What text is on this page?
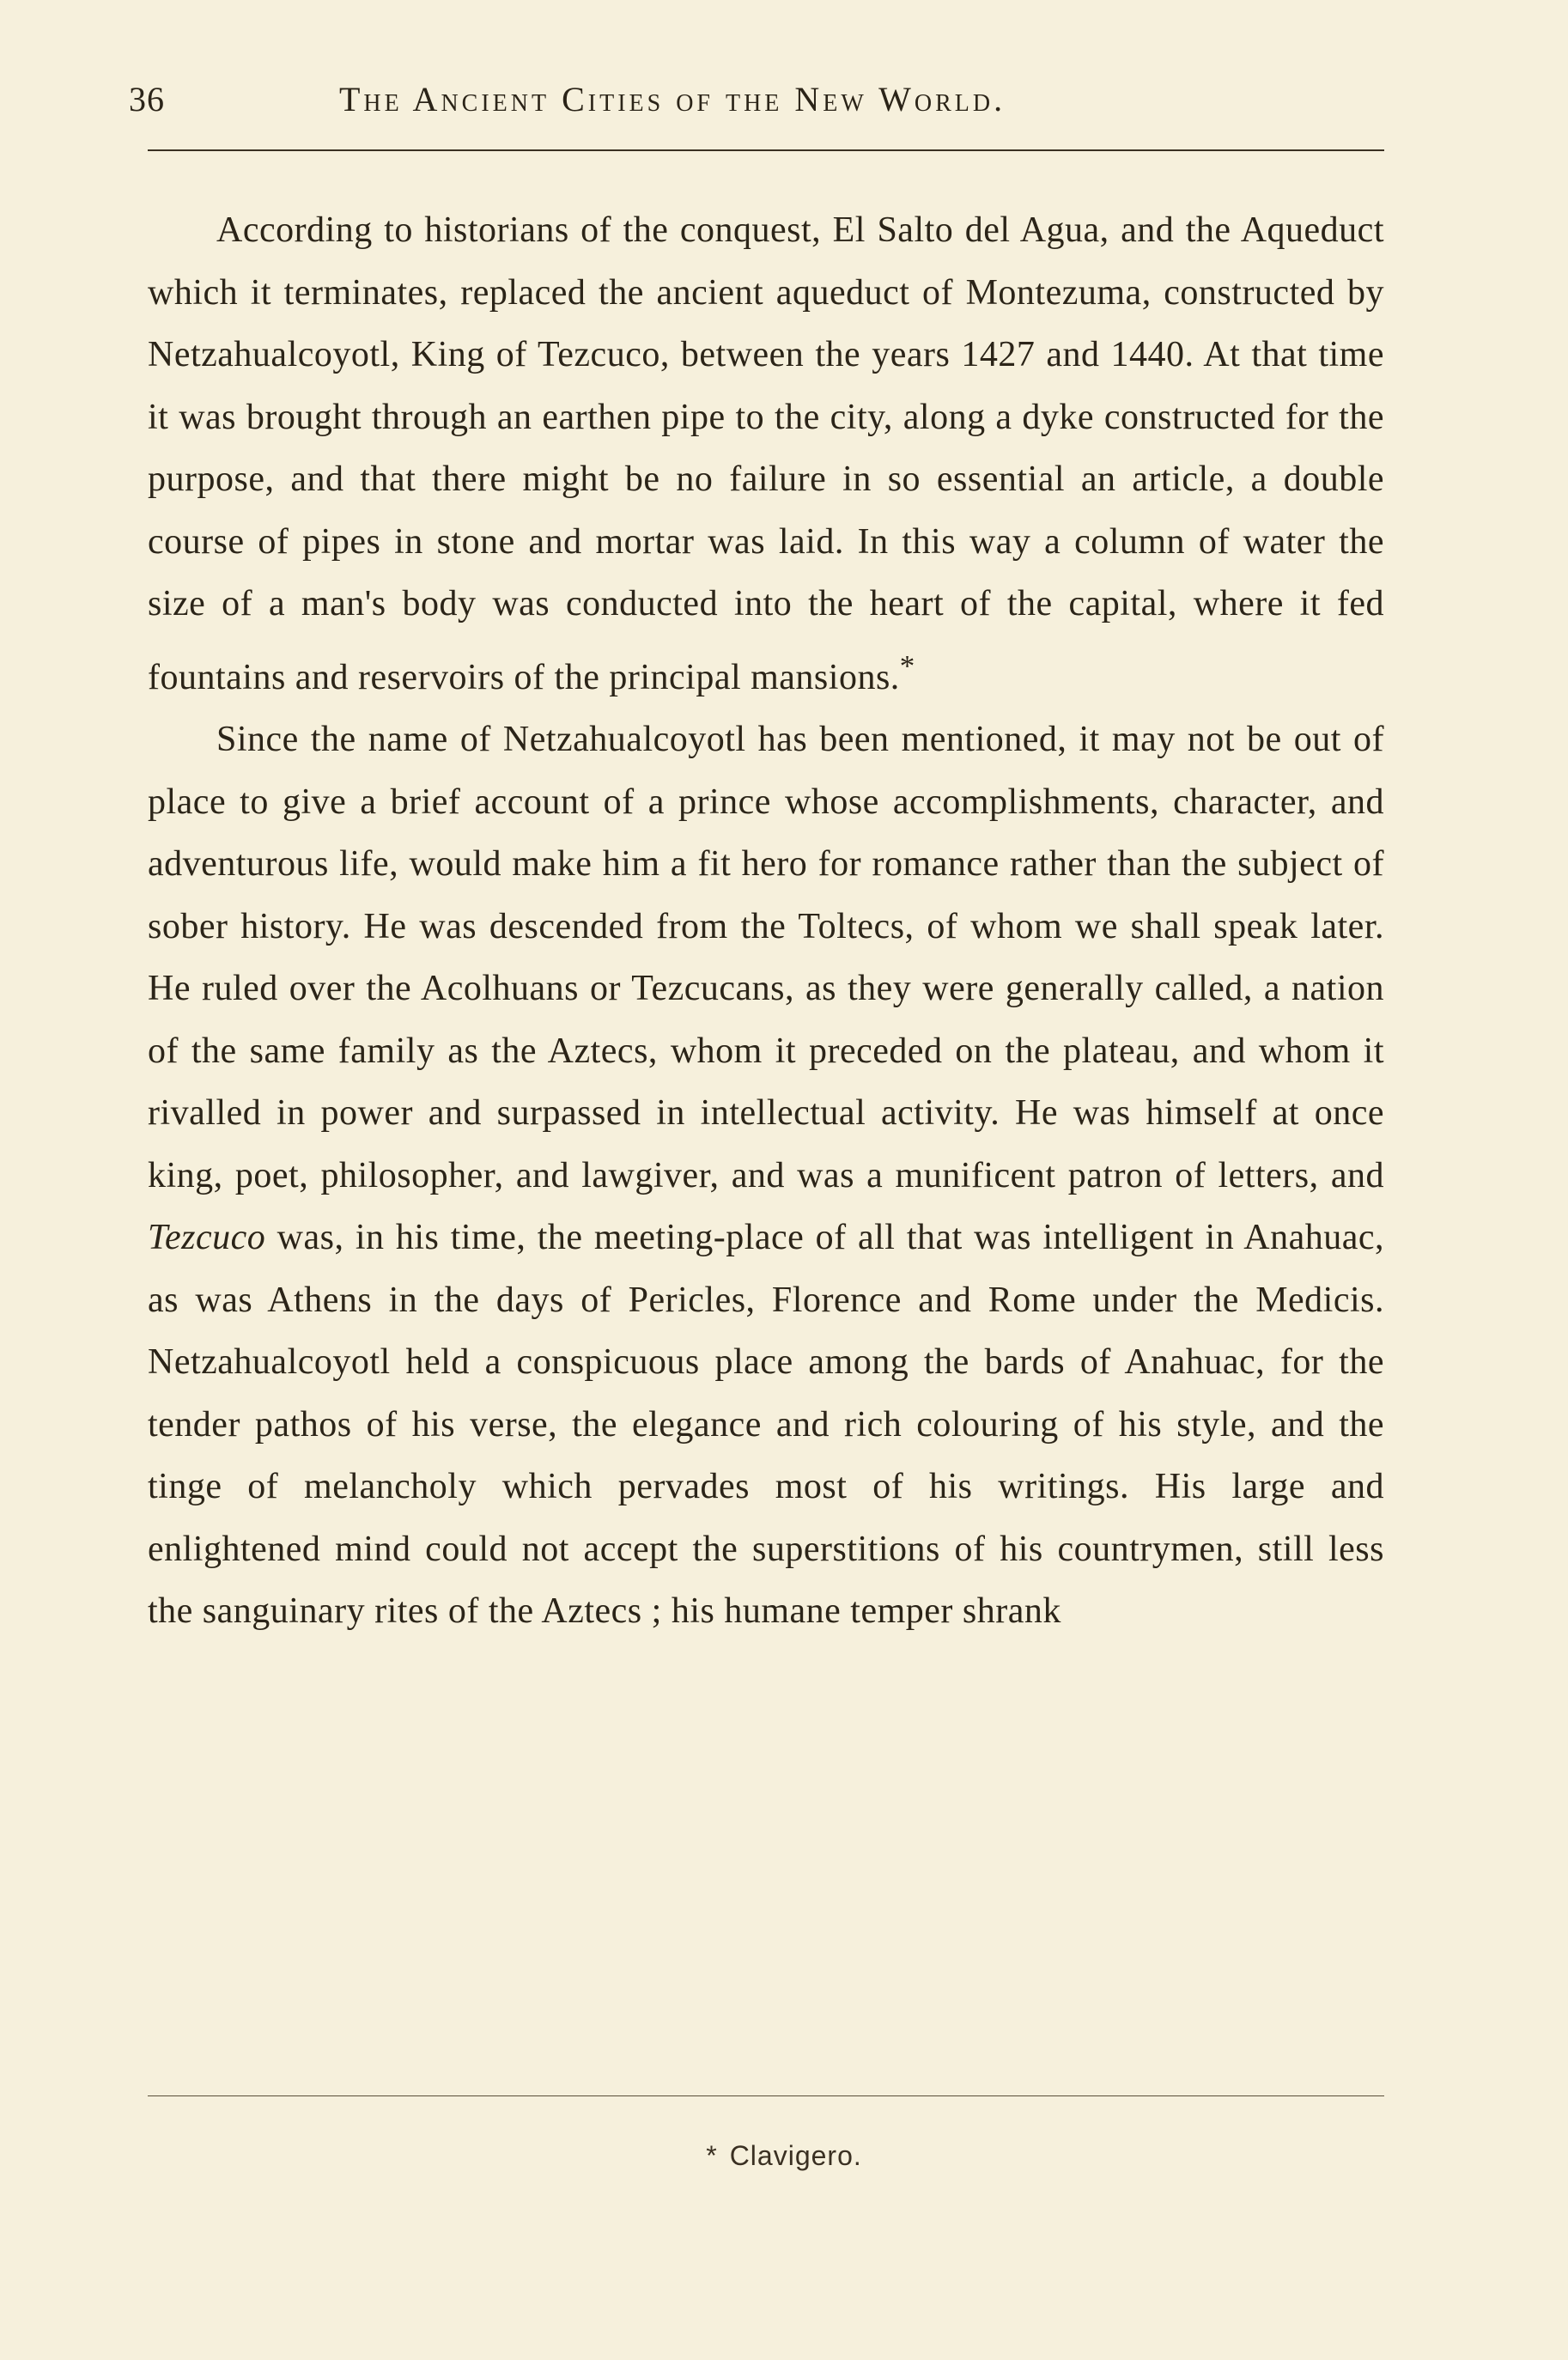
36	The Ancient Cities of the New World.

According to historians of the conquest, El Salto del Agua, and the Aqueduct which it terminates, replaced the ancient aqueduct of Montezuma, constructed by Netzahualcoyotl, King of Tezcuco, between the years 1427 and 1440. At that time it was brought through an earthen pipe to the city, along a dyke constructed for the purpose, and that there might be no failure in so essential an article, a double course of pipes in stone and mortar was laid. In this way a column of water the size of a man's body was conducted into the heart of the capital, where it fed fountains and reservoirs of the principal mansions.*

Since the name of Netzahualcoyotl has been mentioned, it may not be out of place to give a brief account of a prince whose accomplishments, character, and adventurous life, would make him a fit hero for romance rather than the subject of sober history. He was descended from the Toltecs, of whom we shall speak later. He ruled over the Acolhuans or Tezcucans, as they were generally called, a nation of the same family as the Aztecs, whom it preceded on the plateau, and whom it rivalled in power and surpassed in intellectual activity. He was himself at once king, poet, philosopher, and lawgiver, and was a munificent patron of letters, and Tezcuco was, in his time, the meeting-place of all that was intelligent in Anahuac, as was Athens in the days of Pericles, Florence and Rome under the Medicis. Netzahualcoyotl held a conspicuous place among the bards of Anahuac, for the tender pathos of his verse, the elegance and rich colouring of his style, and the tinge of melancholy which pervades most of his writings. His large and enlightened mind could not accept the superstitions of his countrymen, still less the sanguinary rites of the Aztecs ; his humane temper shrank

* Clavigero.
